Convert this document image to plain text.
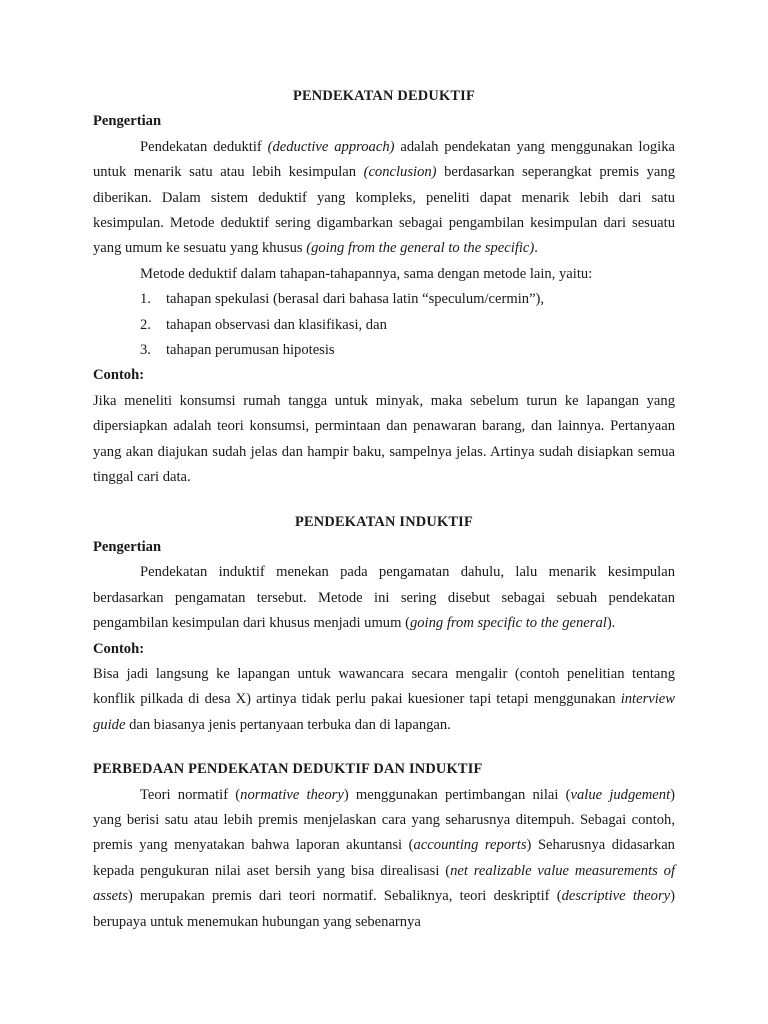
PENDEKATAN DEDUKTIF
Pengertian

Pendekatan deduktif (deductive approach) adalah pendekatan yang menggunakan logika untuk menarik satu atau lebih kesimpulan (conclusion) berdasarkan seperangkat premis yang diberikan. Dalam sistem deduktif yang kompleks, peneliti dapat menarik lebih dari satu kesimpulan. Metode deduktif sering digambarkan sebagai pengambilan kesimpulan dari sesuatu yang umum ke sesuatu yang khusus (going from the general to the specific).

Metode deduktif dalam tahapan-tahapannya, sama dengan metode lain, yaitu:

1. tahapan spekulasi (berasal dari bahasa latin “speculum/cermin”),
2. tahapan observasi dan klasifikasi, dan
3. tahapan perumusan hipotesis
Contoh:

Jika meneliti konsumsi rumah tangga untuk minyak, maka sebelum turun ke lapangan yang dipersiapkan adalah teori konsumsi, permintaan dan penawaran barang, dan lainnya. Pertanyaan yang akan diajukan sudah jelas dan hampir baku, sampelnya jelas. Artinya sudah disiapkan semua tinggal cari data.

PENDEKATAN INDUKTIF
Pengertian

Pendekatan induktif menekan pada pengamatan dahulu, lalu menarik kesimpulan berdasarkan pengamatan tersebut. Metode ini sering disebut sebagai sebuah pendekatan pengambilan kesimpulan dari khusus menjadi umum (going from specific to the general).

Contoh:

Bisa jadi langsung ke lapangan untuk wawancara secara mengalir (contoh penelitian tentang konflik pilkada di desa X) artinya tidak perlu pakai kuesioner tapi tetapi menggunakan interview guide dan biasanya jenis pertanyaan terbuka dan di lapangan.

PERBEDAAN PENDEKATAN DEDUKTIF DAN INDUKTIF

Teori normatif (normative theory) menggunakan pertimbangan nilai (value judgement) yang berisi satu atau lebih premis menjelaskan cara yang seharusnya ditempuh. Sebagai contoh, premis yang menyatakan bahwa laporan akuntansi (accounting reports) Seharusnya didasarkan kepada pengukuran nilai aset bersih yang bisa direalisasi (net realizable value measurements of assets) merupakan premis dari teori normatif. Sebaliknya, teori deskriptif (descriptive theory) berupaya untuk menemukan hubungan yang sebenarnya
